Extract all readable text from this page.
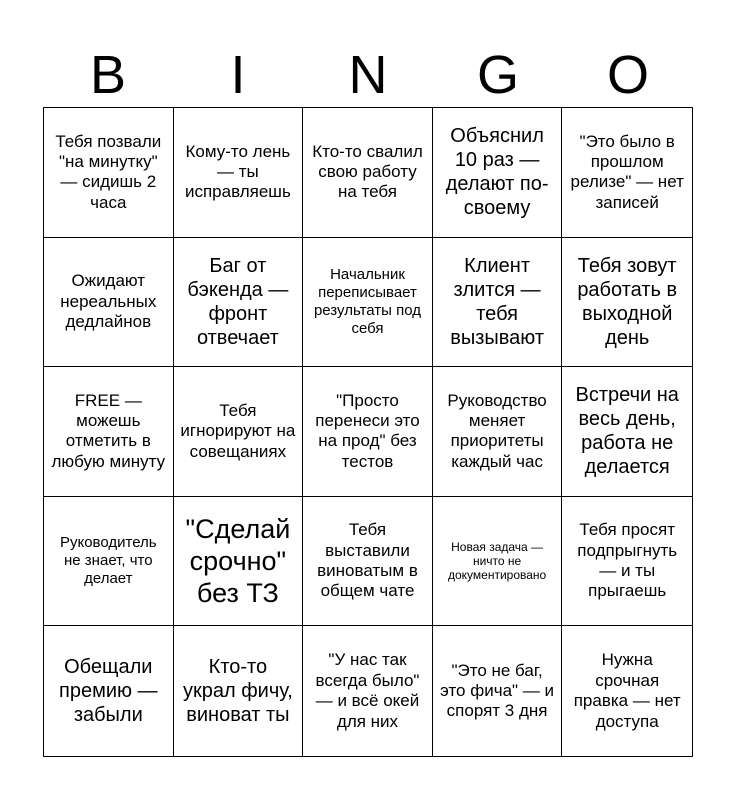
B	I	N	G	O
Тебя позвали "на минутку" — сидишь 2 часа
Кому-то лень — ты исправляешь
Кто-то свалил свою работу на тебя
Объяснил 10 раз — делают по-своему
"Это было в прошлом релизе" — нет записей
Ожидают нереальных дедлайнов
Баг от бэкенда — фронт отвечает
Начальник переписывает результаты под себя
Клиент злится — тебя вызывают
Тебя зовут работать в выходной день
FREE — можешь отметить в любую минуту
Тебя игнорируют на совещаниях
"Просто перенеси это на прод" без тестов
Руководство меняет приоритеты каждый час
Встречи на весь день, работа не делается
Руководитель не знает, что делает
"Сделай срочно" без ТЗ
Тебя выставили виноватым в общем чате
Новая задача — ничто не документировано
Тебя просят подпрыгнуть — и ты прыгаешь
Обещали премию — забыли
Кто-то украл фичу, виноват ты
"У нас так всегда было" — и всё окей для них
"Это не баг, это фича" — и спорят 3 дня
Нужна срочная правка — нет доступа
